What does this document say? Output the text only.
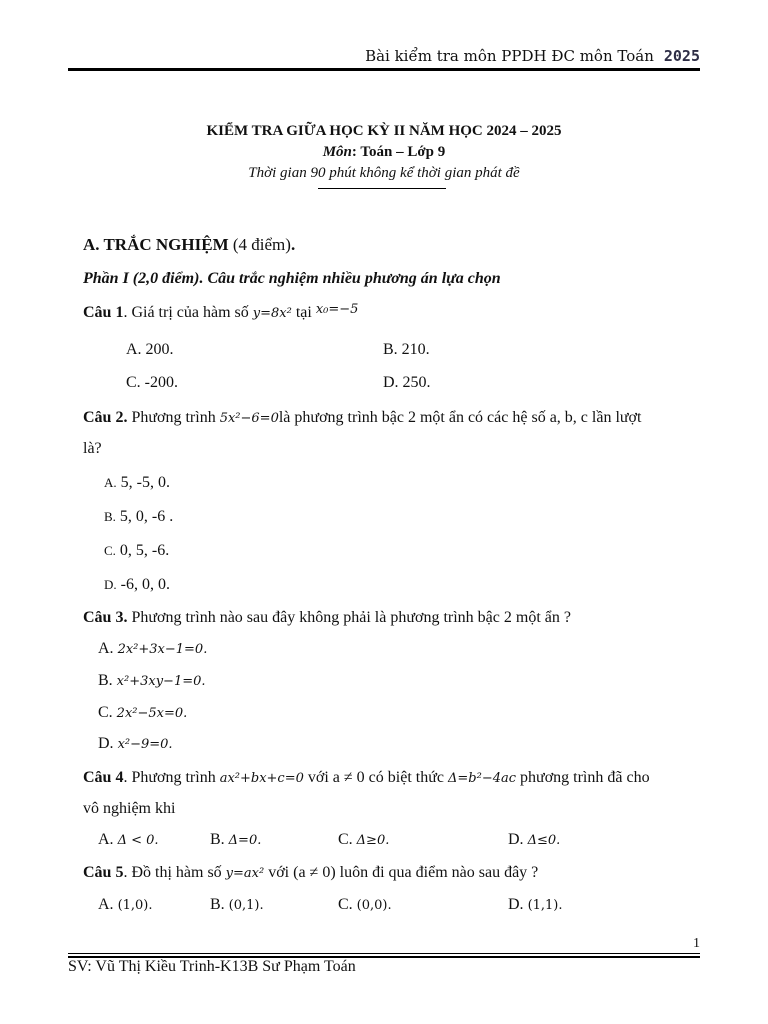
Bài kiểm tra môn PPDH ĐC môn Toán 2025
KIỂM TRA GIỮA HỌC KỲ II NĂM HỌC 2024 – 2025
Môn: Toán – Lớp 9
Thời gian 90 phút không kể thời gian phát đề
A. TRẮC NGHIỆM (4 điểm).
Phần I (2,0 điểm). Câu trắc nghiệm nhiều phương án lựa chọn
Câu 1. Giá trị của hàm số y=8x² tại $^{x_0=-5}$
A. 200.	B. 210.
C. -200.	D. 250.
Câu 2. Phương trình 5x²−6=0là phương trình bậc 2 một ẩn có các hệ số a, b, c lần lượt
là?
A. 5, -5, 0.
B. 5, 0, -6 .
C. 0, 5, -6.
D. -6, 0, 0.
Câu 3. Phương trình nào sau đây không phải là phương trình bậc 2 một ẩn ?
A. 2x²+3x−1=0.
B. x²+3xy−1=0.
C. 2x²−5x=0.
D. x²−9=0.
Câu 4. Phương trình ax²+bx+c=0 với a ≠ 0 có biệt thức Δ=b²−4ac phương trình đã cho
vô nghiệm khi
A. Δ < 0.	B. Δ=0.	C. Δ≥0.	D. Δ≤0.
Câu 5. Đồ thị hàm số y=ax² với (a ≠ 0) luôn đi qua điểm nào sau đây ?
A. (1,0).	B. (0,1).	C. (0,0).	D. (1,1).
1
SV: Vũ Thị Kiều Trinh-K13B Sư Phạm Toán
